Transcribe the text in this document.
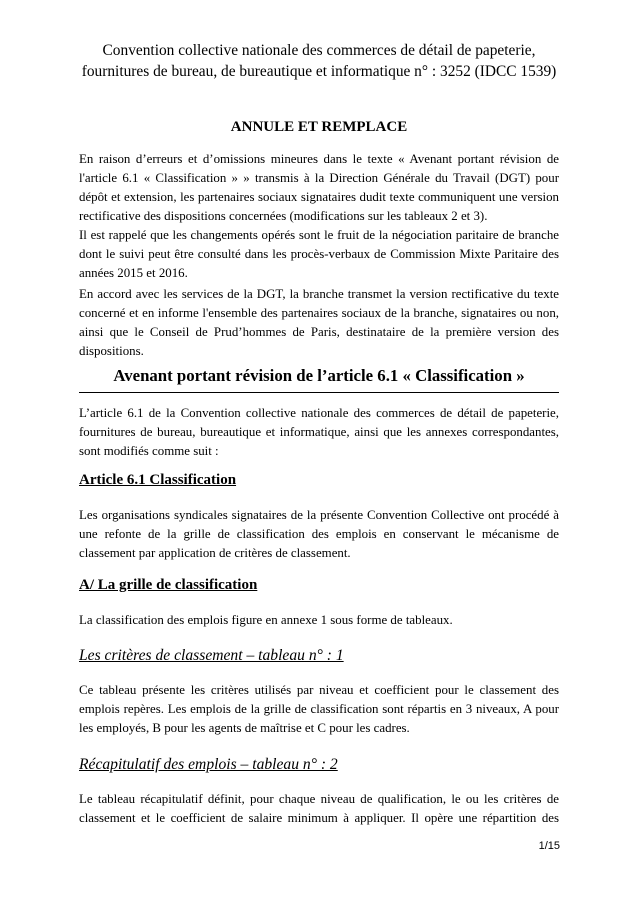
Convention collective nationale des commerces de détail de papeterie,
fournitures de bureau, de bureautique et informatique n° : 3252 (IDCC 1539)
ANNULE ET REMPLACE

En raison d’erreurs et d’omissions mineures dans le texte « Avenant portant révision de l'article 6.1 « Classification » » transmis à la Direction Générale du Travail (DGT) pour dépôt et extension, les partenaires sociaux signataires dudit texte communiquent une version rectificative des dispositions concernées (modifications sur les tableaux 2 et 3).

Il est rappelé que les changements opérés sont le fruit de la négociation paritaire de branche dont le suivi peut être consulté dans les procès-verbaux de Commission Mixte Paritaire des années 2015 et 2016.

En accord avec les services de la DGT, la branche transmet la version rectificative du texte concerné et en informe l'ensemble des partenaires sociaux de la branche, signataires ou non, ainsi que le Conseil de Prud’hommes de Paris, destinataire de la première version des dispositions.

Avenant portant révision de l’article 6.1 « Classification »

L’article 6.1 de la Convention collective nationale des commerces de détail de papeterie, fournitures de bureau, bureautique et informatique, ainsi que les annexes correspondantes, sont modifiés comme suit :

Article 6.1 Classification

Les organisations syndicales signataires de la présente Convention Collective ont procédé à une refonte de la grille de classification des emplois en conservant le mécanisme de classement par application de critères de classement.

A/ La grille de classification

La classification des emplois figure en annexe 1 sous forme de tableaux.

Les critères de classement – tableau n° : 1

Ce tableau présente les critères utilisés par niveau et coefficient pour le classement des emplois repères. Les emplois de la grille de classification sont répartis en 3 niveaux, A pour les employés, B pour les agents de maîtrise et C pour les cadres.

Récapitulatif des emplois – tableau n° : 2

Le tableau récapitulatif définit, pour chaque niveau de qualification, le ou les critères de classement et le coefficient de salaire minimum à appliquer. Il opère une répartition des

1/15
